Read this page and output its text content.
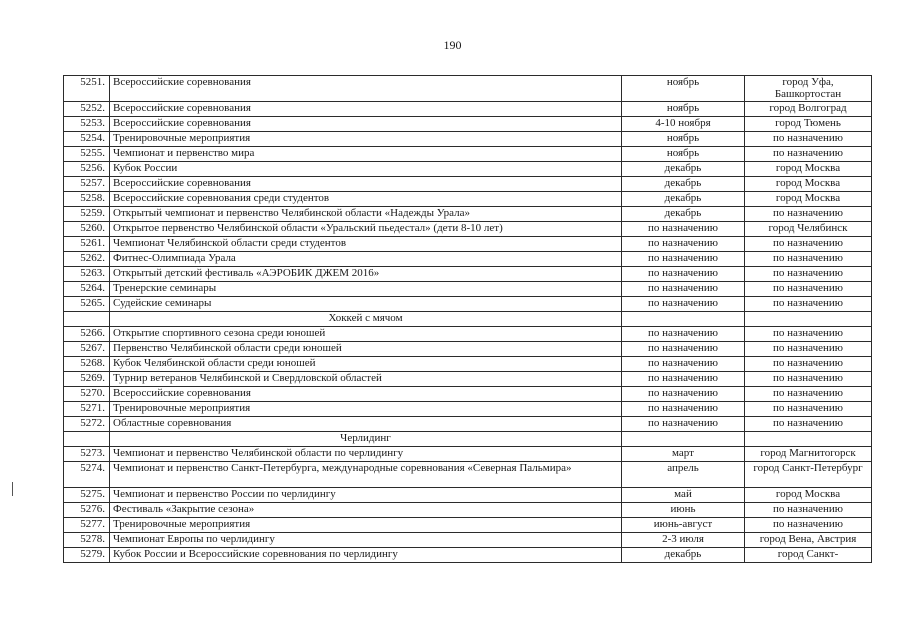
190
5251.	Всероссийские соревнования	ноябрь	город Уфа, Башкортостан
5252.	Всероссийские соревнования	ноябрь	город Волгоград
5253.	Всероссийские соревнования	4-10 ноября	город Тюмень
5254.	Тренировочные мероприятия	ноябрь	по назначению
5255.	Чемпионат и первенство мира	ноябрь	по назначению
5256.	Кубок России	декабрь	город Москва
5257.	Всероссийские соревнования	декабрь	город Москва
5258.	Всероссийские соревнования среди студентов	декабрь	город Москва
5259.	Открытый чемпионат и первенство Челябинской области «Надежды Урала»	декабрь	по назначению
5260.	Открытое первенство Челябинской области «Уральский пьедестал» (дети 8-10 лет)	по назначению	город Челябинск
5261.	Чемпионат Челябинской области среди студентов	по назначению	по назначению
5262.	Фитнес-Олимпиада Урала	по назначению	по назначению
5263.	Открытый детский фестиваль «АЭРОБИК ДЖЕМ 2016»	по назначению	по назначению
5264.	Тренерские семинары	по назначению	по назначению
5265.	Судейские семинары	по назначению	по назначению
	Хоккей с мячом		
5266.	Открытие спортивного сезона среди юношей	по назначению	по назначению
5267.	Первенство Челябинской области среди юношей	по назначению	по назначению
5268.	Кубок Челябинской области среди юношей	по назначению	по назначению
5269.	Турнир ветеранов Челябинской и Свердловской областей	по назначению	по назначению
5270.	Всероссийские соревнования	по назначению	по назначению
5271.	Тренировочные мероприятия	по назначению	по назначению
5272.	Областные соревнования	по назначению	по назначению
	Черлидинг		
5273.	Чемпионат и первенство Челябинской области по черлидингу	март	город Магнитогорск
5274.	Чемпионат и первенство Санкт-Петербурга, международные соревнования «Северная Пальмира»	апрель	город Санкт-Петербург
5275.	Чемпионат и первенство России по черлидингу	май	город Москва
5276.	Фестиваль «Закрытие сезона»	июнь	по назначению
5277.	Тренировочные мероприятия	июнь-август	по назначению
5278.	Чемпионат Европы по черлидингу	2-3 июля	город Вена, Австрия
5279.	Кубок России и Всероссийские соревнования по черлидингу	декабрь	город Санкт-
